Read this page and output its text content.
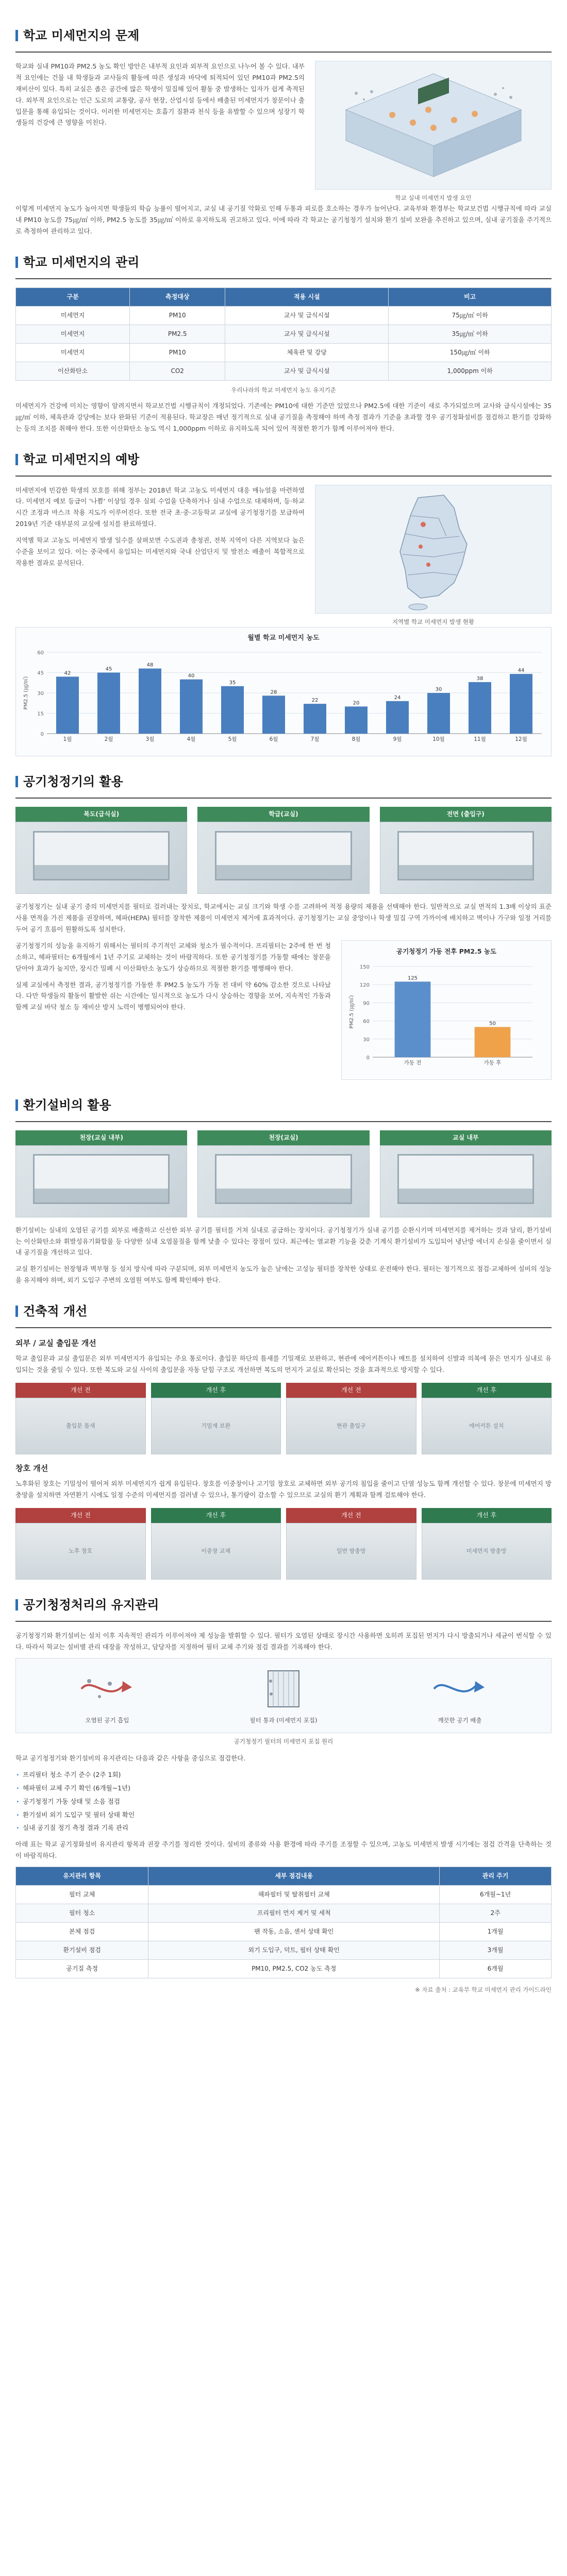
학교 미세먼지의 문제

학교와 실내 PM10과 PM2.5 농도 확인 방안은 내부적 요인과 외부적 요인으로 나누어 볼 수 있다. 내부적 요인에는 건물 내 학생들과 교사들의 활동에 따른 생성과 바닥에 퇴적되어 있던 PM10과 PM2.5의 재비산이 있다. 특히 교실은 좁은 공간에 많은 학생이 밀집해 있어 활동 중 발생하는 입자가 쉽게 축적된다. 외부적 요인으로는 인근 도로의 교통량, 공사 현장, 산업시설 등에서 배출된 미세먼지가 창문이나 출입문을 통해 유입되는 것이다. 이러한 미세먼지는 호흡기 질환과 천식 등을 유발할 수 있으며 성장기 학생들의 건강에 큰 영향을 미친다.

학교 실내 미세먼지 발생 요인

이렇게 미세먼지 농도가 높아지면 학생들의 학습 능률이 떨어지고, 교실 내 공기질 악화로 인해 두통과 피로를 호소하는 경우가 늘어난다. 교육부와 환경부는 학교보건법 시행규칙에 따라 교실 내 PM10 농도를 75㎍/㎥ 이하, PM2.5 농도를 35㎍/㎥ 이하로 유지하도록 권고하고 있다. 이에 따라 각 학교는 공기청정기 설치와 환기 설비 보완을 추진하고 있으며, 실내 공기질을 주기적으로 측정하여 관리하고 있다.

학교 미세먼지의 관리
구분	측정대상	적용 시설	비고
미세먼지	PM10	교사 및 급식시설	75㎍/㎥ 이하
미세먼지	PM2.5	교사 및 급식시설	35㎍/㎥ 이하
미세먼지	PM10	체육관 및 강당	150㎍/㎥ 이하
이산화탄소	CO2	교사 및 급식시설	1,000ppm 이하
우리나라의 학교 미세먼지 농도 유지기준

미세먼지가 건강에 미치는 영향이 알려지면서 학교보건법 시행규칙이 개정되었다. 기존에는 PM10에 대한 기준만 있었으나 PM2.5에 대한 기준이 새로 추가되었으며 교사와 급식시설에는 35㎍/㎥ 이하, 체육관과 강당에는 보다 완화된 기준이 적용된다. 학교장은 매년 정기적으로 실내 공기질을 측정해야 하며 측정 결과가 기준을 초과할 경우 공기정화설비를 점검하고 환기를 강화하는 등의 조치를 취해야 한다. 또한 이산화탄소 농도 역시 1,000ppm 이하로 유지하도록 되어 있어 적절한 환기가 함께 이루어져야 한다.

학교 미세먼지의 예방

미세먼지에 민감한 학생의 보호를 위해 정부는 2018년 학교 고농도 미세먼지 대응 매뉴얼을 마련하였다. 미세먼지 예보 등급이 '나쁨' 이상일 경우 실외 수업을 단축하거나 실내 수업으로 대체하며, 등·하교 시간 조정과 마스크 착용 지도가 이루어진다. 또한 전국 초·중·고등학교 교실에 공기청정기를 보급하여 2019년 기준 대부분의 교실에 설치를 완료하였다.

지역별 학교 고농도 미세먼지 발생 일수를 살펴보면 수도권과 충청권, 전북 지역이 다른 지역보다 높은 수준을 보이고 있다. 이는 중국에서 유입되는 미세먼지와 국내 산업단지 및 발전소 배출이 복합적으로 작용한 결과로 분석된다.

지역별 학교 미세먼지 발생 현황
월별 학교 미세먼지 농도
0
15
30
45
60
42
1월
45
2월
48
3월
40
4월
35
5월
28
6월
22
7월
20
8월
24
9월
30
10월
38
11월
44
12월
PM2.5 (㎍/㎥)
공기청정기의 활용
복도(급식실)	학급(교실)	전면 (출입구)

공기청정기는 실내 공기 중의 미세먼지를 필터로 걸러내는 장치로, 학교에서는 교실 크기와 학생 수를 고려하여 적정 용량의 제품을 선택해야 한다. 일반적으로 교실 면적의 1.3배 이상의 표준 사용 면적을 가진 제품을 권장하며, 헤파(HEPA) 필터를 장착한 제품이 미세먼지 제거에 효과적이다. 공기청정기는 교실 중앙이나 학생 밀집 구역 가까이에 배치하고 벽이나 가구와 일정 거리를 두어 공기 흐름이 원활하도록 설치한다.

공기청정기의 성능을 유지하기 위해서는 필터의 주기적인 교체와 청소가 필수적이다. 프리필터는 2주에 한 번 청소하고, 헤파필터는 6개월에서 1년 주기로 교체하는 것이 바람직하다. 또한 공기청정기를 가동할 때에는 창문을 닫아야 효과가 높지만, 장시간 밀폐 시 이산화탄소 농도가 상승하므로 적절한 환기를 병행해야 한다.

실제 교실에서 측정한 결과, 공기청정기를 가동한 후 PM2.5 농도가 가동 전 대비 약 60% 감소한 것으로 나타났다. 다만 학생들의 활동이 활발한 쉬는 시간에는 일시적으로 농도가 다시 상승하는 경향을 보여, 지속적인 가동과 함께 교실 바닥 청소 등 재비산 방지 노력이 병행되어야 한다.

공기청정기 가동 전후 PM2.5 농도
0
30
60
90
120
150
125
가동 전
50
가동 후
PM2.5 (㎍/㎥)
환기설비의 활용
천장(교실 내부)	천장(교실)	교실 내부

환기설비는 실내의 오염된 공기를 외부로 배출하고 신선한 외부 공기를 필터를 거쳐 실내로 공급하는 장치이다. 공기청정기가 실내 공기를 순환시키며 미세먼지를 제거하는 것과 달리, 환기설비는 이산화탄소와 휘발성유기화합물 등 다양한 실내 오염물질을 함께 낮출 수 있다는 장점이 있다. 최근에는 열교환 기능을 갖춘 기계식 환기설비가 도입되어 냉난방 에너지 손실을 줄이면서 실내 공기질을 개선하고 있다.

교실 환기설비는 천장형과 벽부형 등 설치 방식에 따라 구분되며, 외부 미세먼지 농도가 높은 날에는 고성능 필터를 장착한 상태로 운전해야 한다. 필터는 정기적으로 점검·교체하여 설비의 성능을 유지해야 하며, 외기 도입구 주변의 오염원 여부도 함께 확인해야 한다.

건축적 개선
외부 / 교실 출입문 개선

학교 출입문과 교실 출입문은 외부 미세먼지가 유입되는 주요 통로이다. 출입문 하단의 틈새를 기밀재로 보완하고, 현관에 에어커튼이나 매트를 설치하여 신발과 의복에 묻은 먼지가 실내로 유입되는 것을 줄일 수 있다. 또한 복도와 교실 사이의 출입문을 자동 닫힘 구조로 개선하면 복도의 먼지가 교실로 확산되는 것을 효과적으로 방지할 수 있다.

개선 전
출입문 틈새
개선 후
기밀재 보완
개선 전
현관 출입구
개선 후
에어커튼 설치
창호 개선

노후화된 창호는 기밀성이 떨어져 외부 미세먼지가 쉽게 유입된다. 창호를 이중창이나 고기밀 창호로 교체하면 외부 공기의 침입을 줄이고 단열 성능도 함께 개선할 수 있다. 창문에 미세먼지 방충망을 설치하면 자연환기 시에도 일정 수준의 미세먼지를 걸러낼 수 있으나, 통기량이 감소할 수 있으므로 교실의 환기 계획과 함께 검토해야 한다.

개선 전
노후 창호
개선 후
이중창 교체
개선 전
일반 방충망
개선 후
미세먼지 방충망
공기청정처리의 유지관리

공기청정기와 환기설비는 설치 이후 지속적인 관리가 이루어져야 제 성능을 발휘할 수 있다. 필터가 오염된 상태로 장시간 사용하면 오히려 포집된 먼지가 다시 방출되거나 세균이 번식할 수 있다. 따라서 학교는 설비별 관리 대장을 작성하고, 담당자를 지정하여 필터 교체 주기와 점검 결과를 기록해야 한다.

오염된 공기 흡입	필터 통과 (미세먼지 포집)	깨끗한 공기 배출
공기청정기 필터의 미세먼지 포집 원리

학교 공기청정기와 환기설비의 유지관리는 다음과 같은 사항을 중심으로 점검한다.

· 프리필터 청소 주기 준수 (2주 1회)
· 헤파필터 교체 주기 확인 (6개월~1년)
· 공기청정기 가동 상태 및 소음 점검
· 환기설비 외기 도입구 및 필터 상태 확인
· 실내 공기질 정기 측정 결과 기록 관리

아래 표는 학교 공기정화설비 유지관리 항목과 권장 주기를 정리한 것이다. 설비의 종류와 사용 환경에 따라 주기를 조정할 수 있으며, 고농도 미세먼지 발생 시기에는 점검 간격을 단축하는 것이 바람직하다.

유지관리 항목	세부 점검내용	관리 주기
필터 교체	헤파필터 및 탈취필터 교체	6개월~1년
필터 청소	프리필터 먼지 제거 및 세척	2주
본체 점검	팬 작동, 소음, 센서 상태 확인	1개월
환기설비 점검	외기 도입구, 덕트, 필터 상태 확인	3개월
공기질 측정	PM10, PM2.5, CO2 농도 측정	6개월
※ 자료 출처 : 교육부 학교 미세먼지 관리 가이드라인
